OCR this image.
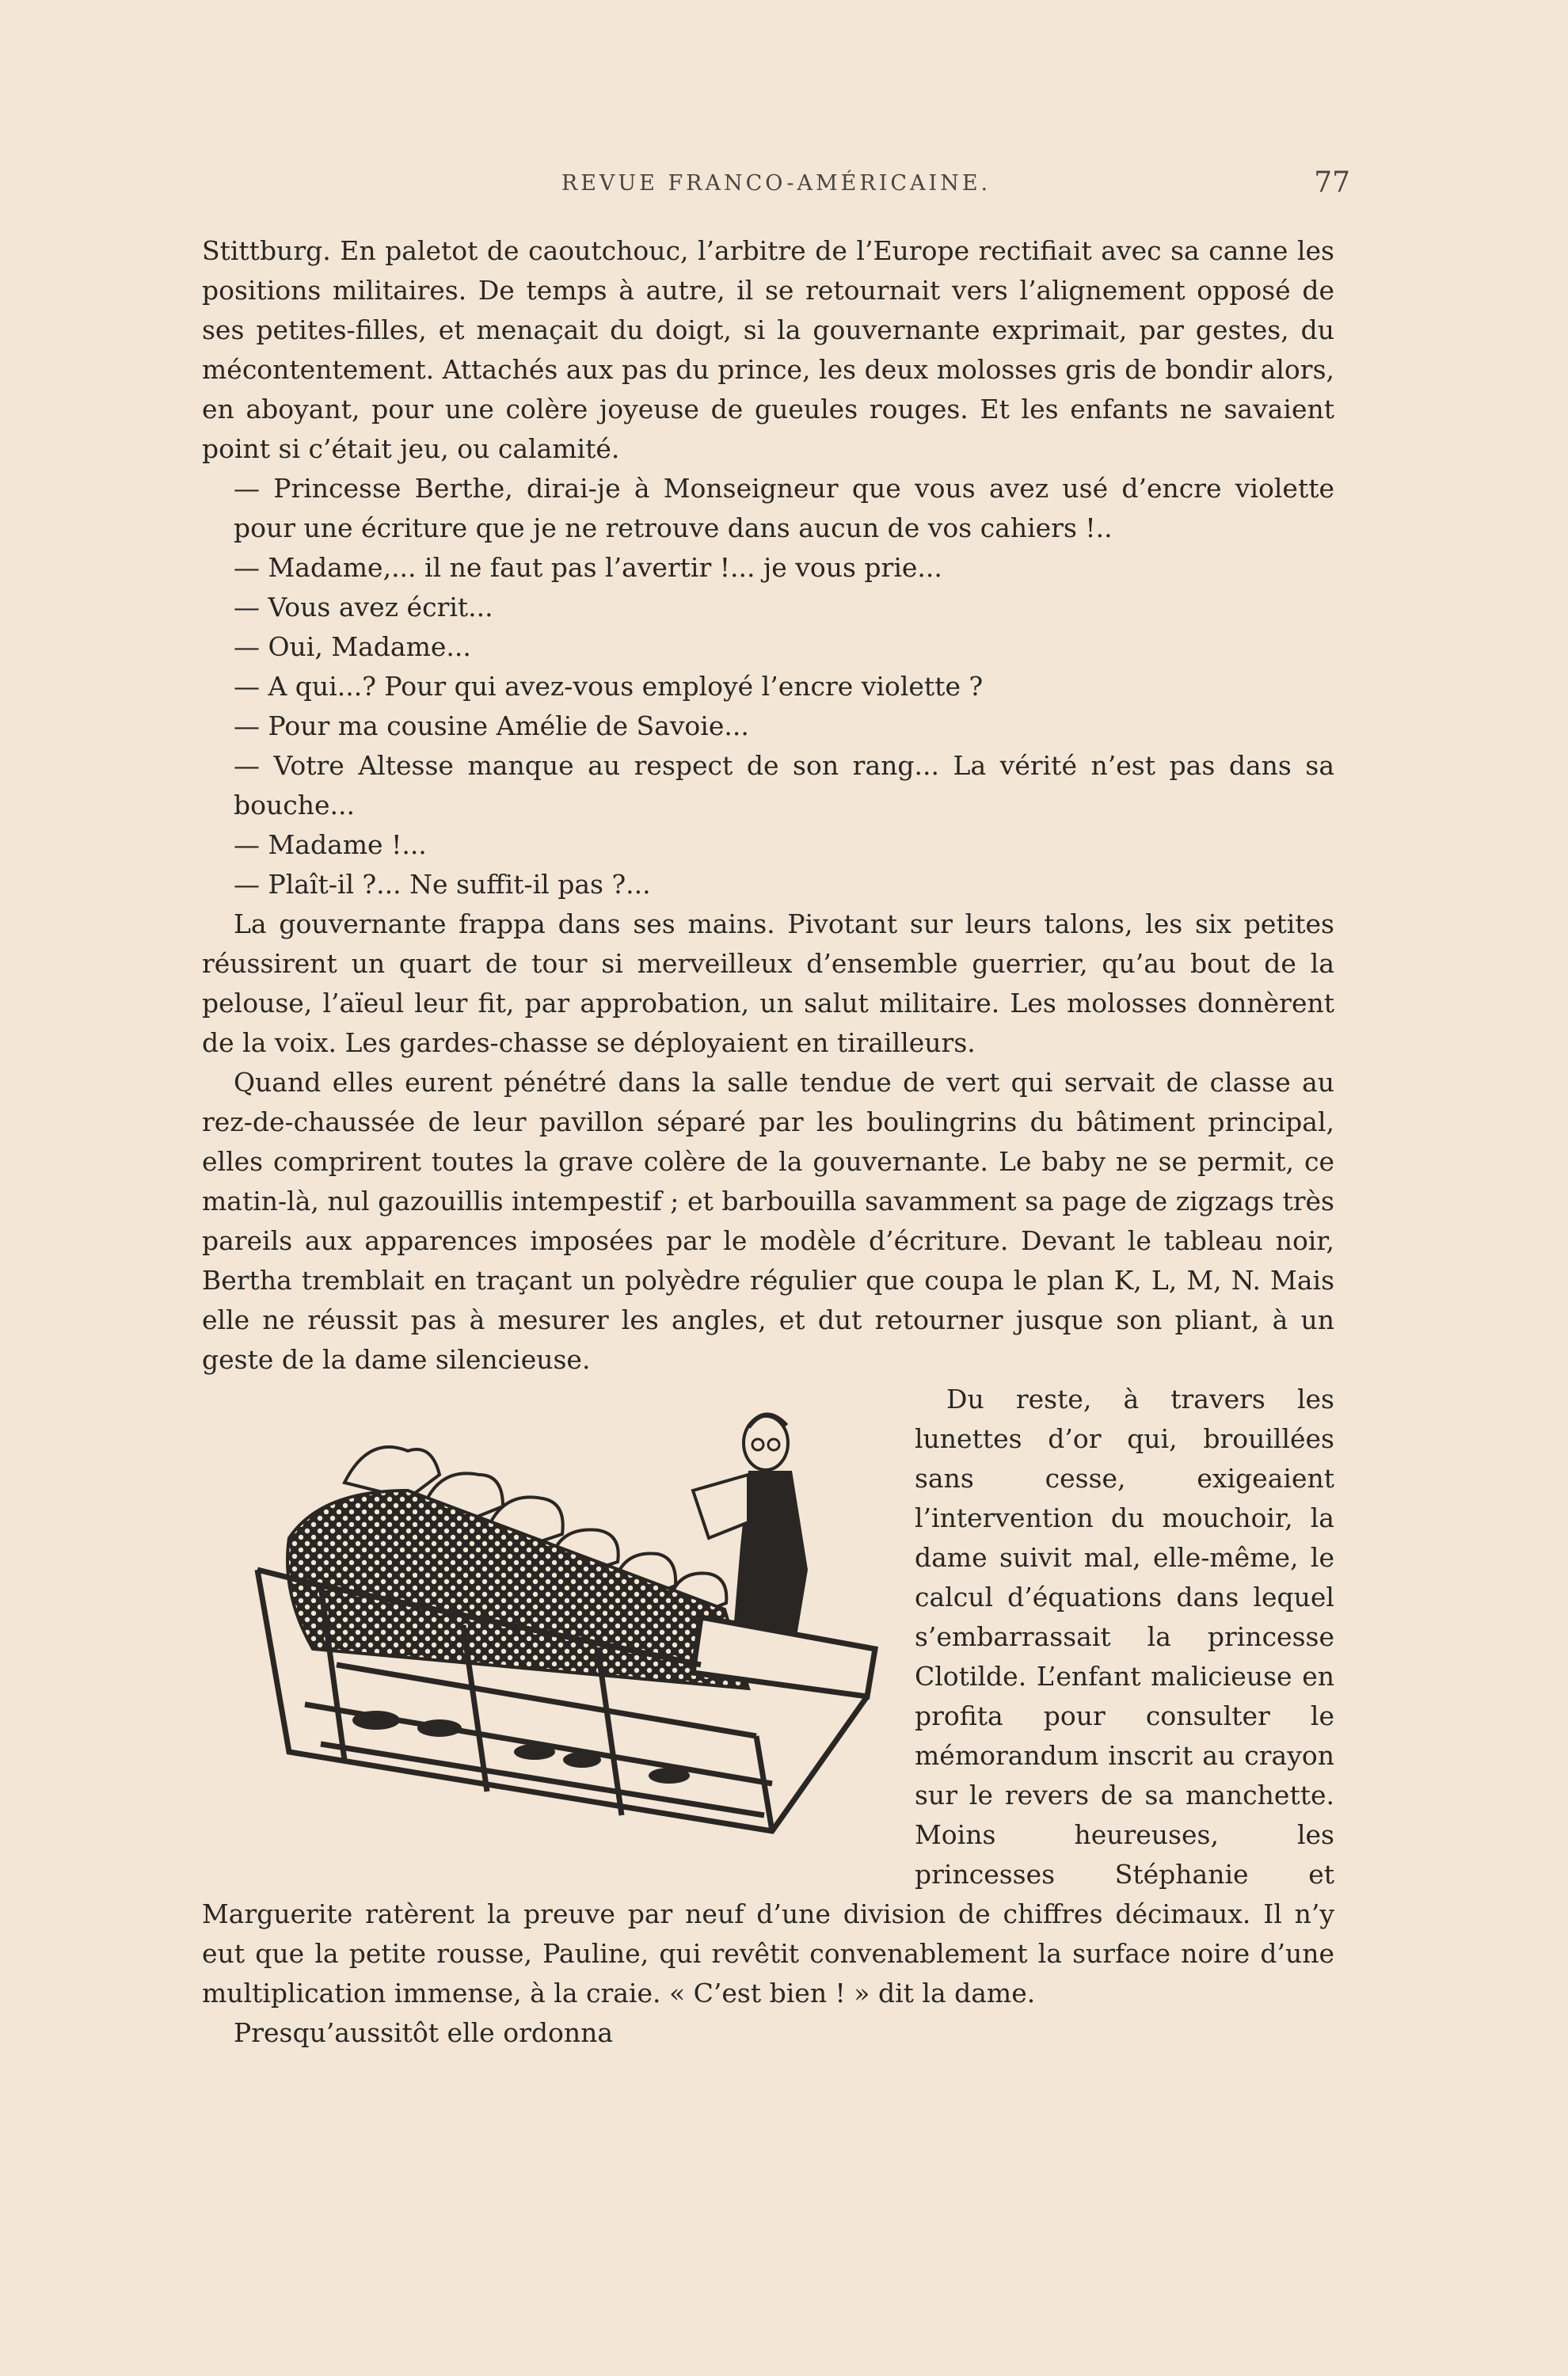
REVUE FRANCO-AMÉRICAINE.	77

Stittburg. En paletot de caoutchouc, l’arbitre de l’Europe rectifiait avec sa canne les positions militaires. De temps à autre, il se retournait vers l’alignement opposé de ses petites-filles, et menaçait du doigt, si la gouvernante exprimait, par gestes, du mécontentement. Attachés aux pas du prince, les deux molosses gris de bondir alors, en aboyant, pour une colère joyeuse de gueules rouges. Et les enfants ne savaient point si c’était jeu, ou calamité.

— Princesse Berthe, dirai-je à Monseigneur que vous avez usé d’encre violette pour une écriture que je ne retrouve dans aucun de vos cahiers !..

— Madame,... il ne faut pas l’avertir !... je vous prie...

— Vous avez écrit...

— Oui, Madame...

— A qui...? Pour qui avez-vous employé l’encre violette ?

— Pour ma cousine Amélie de Savoie...

— Votre Altesse manque au respect de son rang... La vérité n’est pas dans sa bouche...

— Madame !...

— Plaît-il ?... Ne suffit-il pas ?...

La gouvernante frappa dans ses mains. Pivotant sur leurs talons, les six petites réussirent un quart de tour si merveilleux d’ensemble guerrier, qu’au bout de la pelouse, l’aïeul leur fit, par approbation, un salut militaire. Les molosses donnèrent de la voix. Les gardes-chasse se déployaient en tirailleurs.

Quand elles eurent pénétré dans la salle tendue de vert qui servait de classe au rez-de-chaussée de leur pavillon séparé par les boulingrins du bâtiment principal, elles comprirent toutes la grave colère de la gouvernante. Le baby ne se permit, ce matin-là, nul gazouillis intempestif ; et barbouilla savamment sa page de zigzags très pareils aux apparences imposées par le modèle d’écriture. Devant le tableau noir, Bertha tremblait en traçant un polyèdre régulier que coupa le plan K, L, M, N. Mais elle ne réussit pas à mesurer les angles, et dut retourner jusque son pliant, à un geste de la dame silencieuse.

Du reste, à travers les lunettes d’or qui, brouillées sans cesse, exigeaient l’intervention du mouchoir, la dame suivit mal, elle-même, le calcul d’équations dans lequel s’embarrassait la princesse Clotilde. L’enfant malicieuse en profita pour consulter le mémorandum inscrit au crayon sur le revers de sa manchette. Moins heureuses, les princesses Stéphanie et Marguerite ratèrent la preuve par neuf d’une division de chiffres décimaux. Il n’y eut que la petite rousse, Pauline, qui revêtit convenablement la surface noire d’une multiplication immense, à la craie. « C’est bien ! » dit la dame.

Presqu’aussitôt elle ordonna
